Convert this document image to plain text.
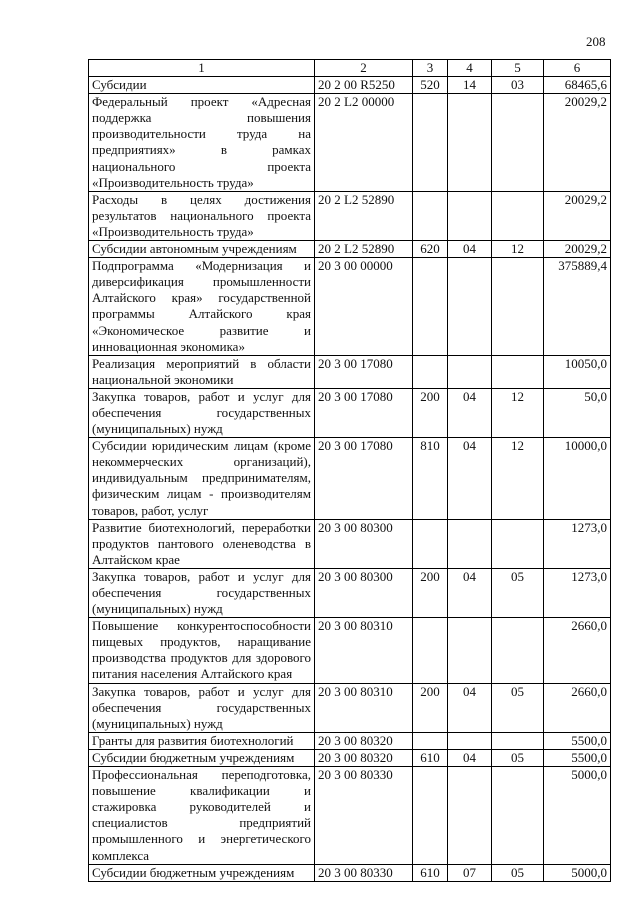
208
1	2	3	4	5	6
Субсидии	20 2 00 R5250	520	14	03	68465,6
Федеральный проект «Адресная поддержка повышения производительности труда на предприятиях» в рамках национального проекта «Производительность труда»	20 2 L2 00000				20029,2
Расходы в целях достижения результатов национального проекта «Производительность труда»	20 2 L2 52890				20029,2
Субсидии автономным учреждениям	20 2 L2 52890	620	04	12	20029,2
Подпрограмма «Модернизация и диверсификация промышленности Алтайского края» государственной программы Алтайского края «Экономическое развитие и инновационная экономика»	20 3 00 00000				375889,4
Реализация мероприятий в области национальной экономики	20 3 00 17080				10050,0
Закупка товаров, работ и услуг для обеспечения государственных (муниципальных) нужд	20 3 00 17080	200	04	12	50,0
Субсидии юридическим лицам (кроме некоммерческих организаций), индивидуальным предпринимателям, физическим лицам - производителям товаров, работ, услуг	20 3 00 17080	810	04	12	10000,0
Развитие биотехнологий, переработки продуктов пантового оленеводства в Алтайском крае	20 3 00 80300				1273,0
Закупка товаров, работ и услуг для обеспечения государственных (муниципальных) нужд	20 3 00 80300	200	04	05	1273,0
Повышение конкурентоспособности пищевых продуктов, наращивание производства продуктов для здорового питания населения Алтайского края	20 3 00 80310				2660,0
Закупка товаров, работ и услуг для обеспечения государственных (муниципальных) нужд	20 3 00 80310	200	04	05	2660,0
Гранты для развития биотехнологий	20 3 00 80320				5500,0
Субсидии бюджетным учреждениям	20 3 00 80320	610	04	05	5500,0
Профессиональная переподготовка, повышение квалификации и стажировка руководителей и специалистов предприятий промышленного и энергетического комплекса	20 3 00 80330				5000,0
Субсидии бюджетным учреждениям	20 3 00 80330	610	07	05	5000,0
